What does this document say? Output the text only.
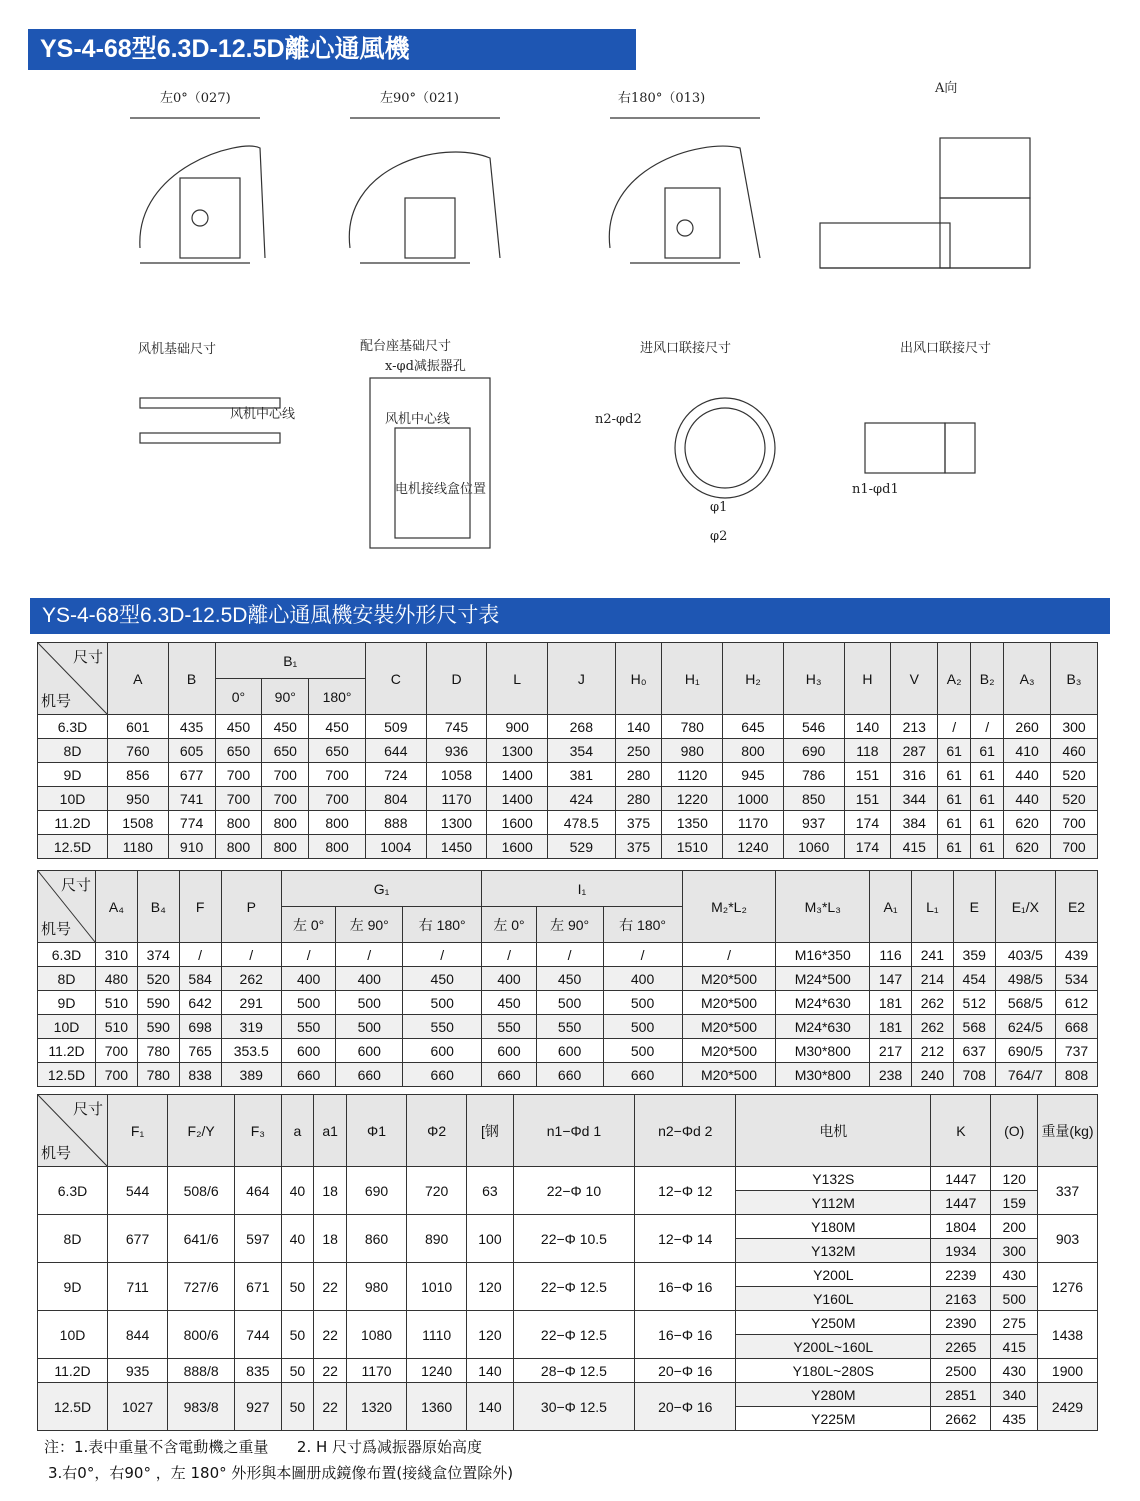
YS-4-68型6.3D-12.5D離心通風機
左0°（027)	左90°（021)	右180°（013)
A向
风机基础尺寸	配台座基础尺寸	进风口联接尺寸	出风口联接尺寸
x-φd减振器孔
风机中心线	风机中心线
电机接线盒位置
n2-φd2
n1-φd1
φ1
φ2
YS-4-68型6.3D-12.5D離心通風機安裝外形尺寸表
尺寸
机号	A	B	B₁			C	D	L	J	H₀	H₁	H₂	H₃	H	V	A₂	B₂	A₃	B₃
			0°	90°	180°														
6.3D	601	435	450	450	450	509	745	900	268	140	780	645	546	140	213	/	/	260	300
8D	760	605	650	650	650	644	936	1300	354	250	980	800	690	118	287	61	61	410	460
9D	856	677	700	700	700	724	1058	1400	381	280	1120	945	786	151	316	61	61	440	520
10D	950	741	700	700	700	804	1170	1400	424	280	1220	1000	850	151	344	61	61	440	520
11.2D	1508	774	800	800	800	888	1300	1600	478.5	375	1350	1170	937	174	384	61	61	620	700
12.5D	1180	910	800	800	800	1004	1450	1600	529	375	1510	1240	1060	174	415	61	61	620	700
尺寸
机号	A₄	B₄	F	P	G₁			I₁			M₂*L₂	M₃*L₃	A₁	L₁	E	E₁/X	E2
					左 0°	左 90°	右 180°	左 0°	左 90°	右 180°							
6.3D	310	374	/	/	/	/	/	/	/	/	/	M16*350	116	241	359	403/5	439
8D	480	520	584	262	400	400	450	400	450	400	M20*500	M24*500	147	214	454	498/5	534
9D	510	590	642	291	500	500	500	450	500	500	M20*500	M24*630	181	262	512	568/5	612
10D	510	590	698	319	550	500	550	550	550	500	M20*500	M24*630	181	262	568	624/5	668
11.2D	700	780	765	353.5	600	600	600	600	600	500	M20*500	M30*800	217	212	637	690/5	737
12.5D	700	780	838	389	660	660	660	660	660	660	M20*500	M30*800	238	240	708	764/7	808
尺寸
机号	F₁	F₂/Y	F₃	a	a1	Φ1	Φ2	[钢	n1−Φd 1	n2−Φd 2	电机	K	(O)	重量(kg)
6.3D	544	508/6	464	40	18	690	720	63	22−Φ 10	12−Φ 12	Y132S	1447	120	337
											Y112M	1447	159	
8D	677	641/6	597	40	18	860	890	100	22−Φ 10.5	12−Φ 14	Y180M	1804	200	903
											Y132M	1934	300	
9D	711	727/6	671	50	22	980	1010	120	22−Φ 12.5	16−Φ 16	Y200L	2239	430	1276
											Y160L	2163	500	
10D	844	800/6	744	50	22	1080	1110	120	22−Φ 12.5	16−Φ 16	Y250M	2390	275	1438
											Y200L~160L	2265	415	
11.2D	935	888/8	835	50	22	1170	1240	140	28−Φ 12.5	20−Φ 16	Y180L~280S	2500	430	1900
12.5D	1027	983/8	927	50	22	1320	1360	140	30−Φ 12.5	20−Φ 16	Y280M	2851	340	2429
											Y225M	2662	435	
注：1.表中重量不含電動機之重量      2. H 尺寸爲减振器原始高度
3.右0°，右90° ，左 180° 外形與本圖册成鏡像布置(接綫盒位置除外)
